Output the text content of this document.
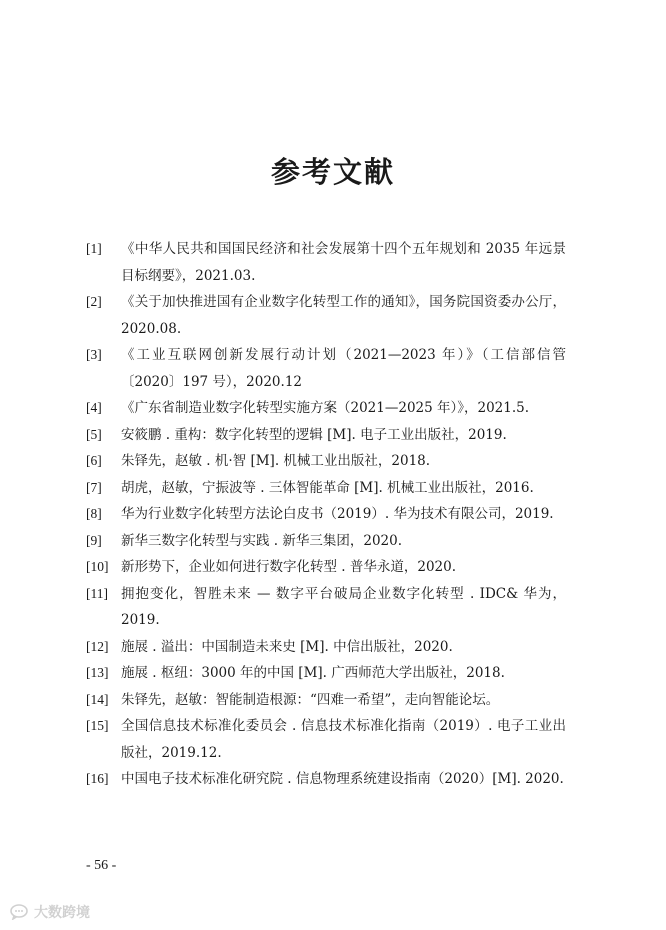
参考文献
[1] 《中华人民共和国国民经济和社会发展第十四个五年规划和 2035 年远景目标纲要》，2021.03.
[2] 《关于加快推进国有企业数字化转型工作的通知》，国务院国资委办公厅，2020.08.
[3] 《工业互联网创新发展行动计划（2021—2023 年）》（工信部信管〔2020〕197 号），2020.12
[4] 《广东省制造业数字化转型实施方案（2021—2025 年）》，2021.5.
[5] 安筱鹏 . 重构：数字化转型的逻辑 [M]. 电子工业出版社，2019.
[6] 朱铎先，赵敏 . 机·智 [M]. 机械工业出版社，2018.
[7] 胡虎，赵敏，宁振波等 . 三体智能革命 [M]. 机械工业出版社，2016.
[8] 华为行业数字化转型方法论白皮书（2019）. 华为技术有限公司，2019.
[9] 新华三数字化转型与实践 . 新华三集团，2020.
[10] 新形势下，企业如何进行数字化转型 . 普华永道，2020.
[11] 拥抱变化，智胜未来 — 数字平台破局企业数字化转型 . IDC& 华为，2019.
[12] 施展 . 溢出：中国制造未来史 [M]. 中信出版社，2020.
[13] 施展 . 枢纽：3000 年的中国 [M]. 广西师范大学出版社，2018.
[14] 朱铎先，赵敏：智能制造根源：“四难一希望”，走向智能论坛。
[15] 全国信息技术标准化委员会 . 信息技术标准化指南（2019）. 电子工业出版社，2019.12.
[16] 中国电子技术标准化研究院 . 信息物理系统建设指南（2020）[M]. 2020.
- 56 -
大数跨境
